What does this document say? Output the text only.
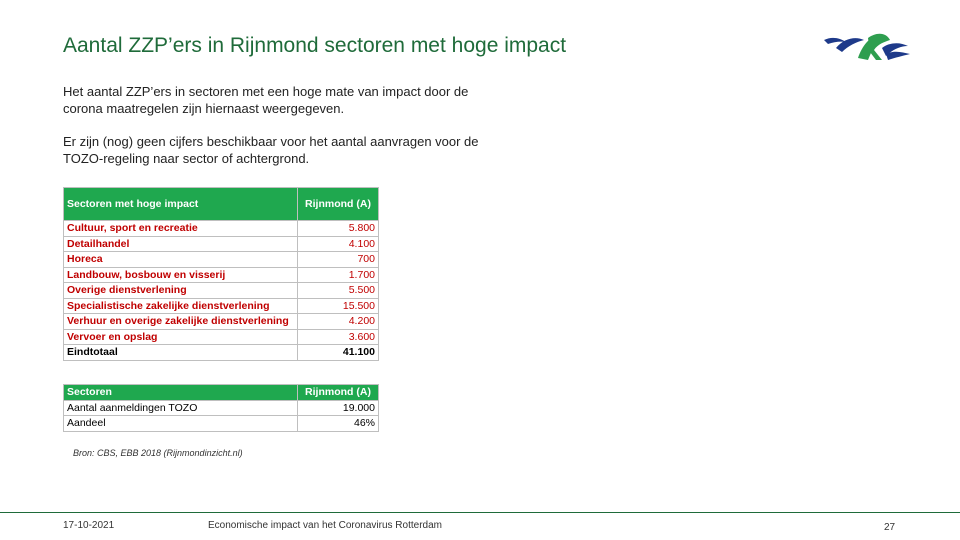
Aantal ZZP’ers in Rijnmond sectoren met hoge impact
Het aantal ZZP’ers in sectoren met een hoge mate van impact door de corona maatregelen zijn hiernaast weergegeven.
Er zijn (nog) geen cijfers beschikbaar voor het aantal aanvragen voor de TOZO-regeling naar sector of achtergrond.
Sectoren met hoge impact	Rijnmond (A)
Cultuur, sport en recreatie	5.800
Detailhandel	4.100
Horeca	700
Landbouw, bosbouw en visserij	1.700
Overige dienstverlening	5.500
Specialistische zakelijke dienstverlening	15.500
Verhuur en overige zakelijke dienstverlening	4.200
Vervoer en opslag	3.600
Eindtotaal	41.100
Sectoren	Rijnmond (A)
Aantal aanmeldingen TOZO	19.000
Aandeel	46%
Bron: CBS, EBB 2018 (Rijnmondinzicht.nl)
17-10-2021	Economische impact van het Coronavirus Rotterdam	27
